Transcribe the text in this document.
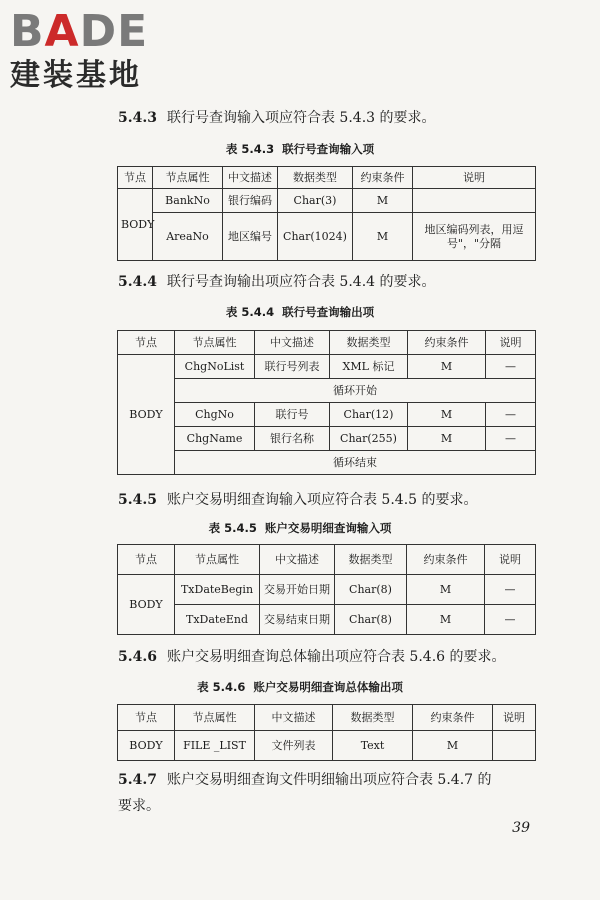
BADE
建装基地
5.4.3 联行号查询输入项应符合表 5.4.3 的要求。
表 5.4.3 联行号查询输入项
节点	节点属性	中文描述	数据类型	约束条件	说明
BODY	BankNo	银行编码	Char(3)	M	
	AreaNo	地区编号	Char(1024)	M	地区编码列表，用逗
号"，"分隔
5.4.4 联行号查询输出项应符合表 5.4.4 的要求。
表 5.4.4 联行号查询输出项
节点	节点属性	中文描述	数据类型	约束条件	说明
BODY	ChgNoList	联行号列表	XML 标记	M	—
	循环开始				
	ChgNo	联行号	Char(12)	M	—
	ChgName	银行名称	Char(255)	M	—
	循环结束				
5.4.5 账户交易明细查询输入项应符合表 5.4.5 的要求。
表 5.4.5 账户交易明细查询输入项
节点	节点属性	中文描述	数据类型	约束条件	说明
BODY	TxDateBegin	交易开始日期	Char(8)	M	—
	TxDateEnd	交易结束日期	Char(8)	M	—
5.4.6 账户交易明细查询总体输出项应符合表 5.4.6 的要求。
表 5.4.6 账户交易明细查询总体输出项
节点	节点属性	中文描述	数据类型	约束条件	说明
BODY	FILE _LIST	文件列表	Text	M	
5.4.7 账户交易明细查询文件明细输出项应符合表 5.4.7 的
要求。
39
